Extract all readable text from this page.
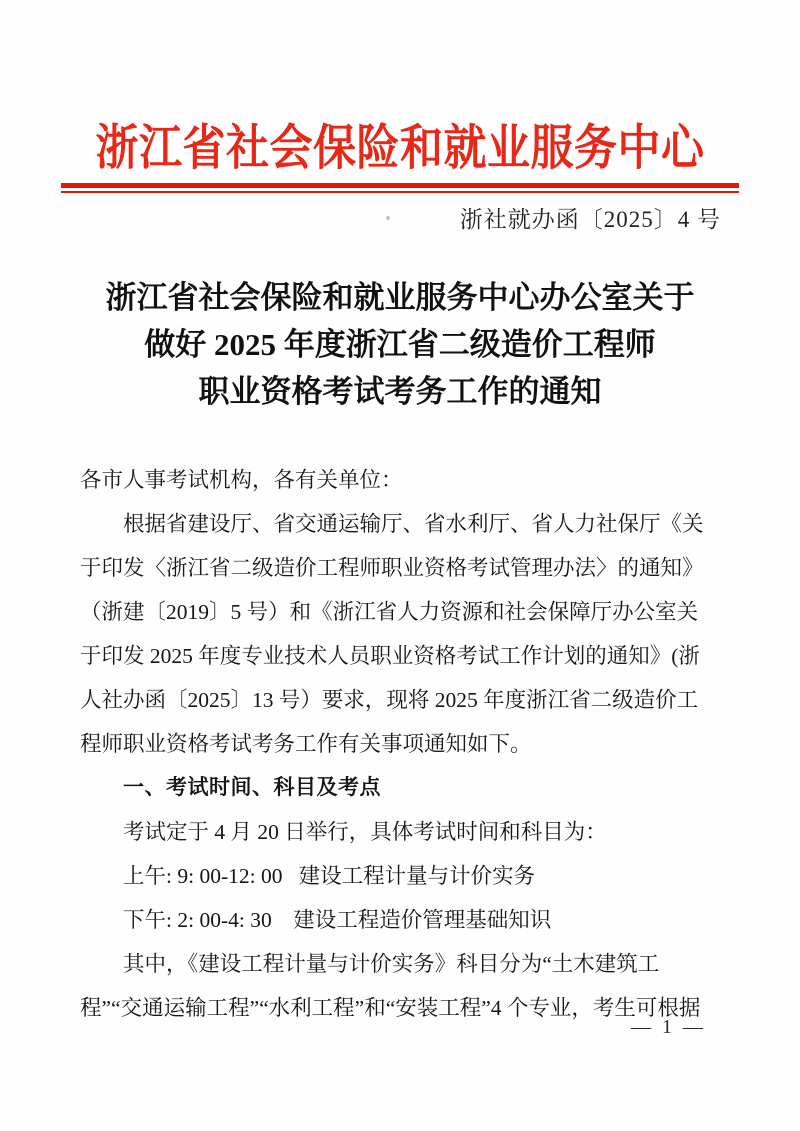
浙江省社会保险和就业服务中心
浙社就办函〔2025〕4 号
浙江省社会保险和就业服务中心办公室关于
做好 2025 年度浙江省二级造价工程师
职业资格考试考务工作的通知
各市人事考试机构，各有关单位：
根据省建设厅、省交通运输厅、省水利厅、省人力社保厅《关
于印发〈浙江省二级造价工程师职业资格考试管理办法〉的通知》
（浙建〔2019〕5 号）和《浙江省人力资源和社会保障厅办公室关
于印发 2025 年度专业技术人员职业资格考试工作计划的通知》(浙
人社办函〔2025〕13 号）要求，现将 2025 年度浙江省二级造价工
程师职业资格考试考务工作有关事项通知如下。
一、考试时间、科目及考点
考试定于 4 月 20 日举行，具体考试时间和科目为：
上午: 9: 00-12: 00   建设工程计量与计价实务
下午: 2: 00-4: 30    建设工程造价管理基础知识
其中，《建设工程计量与计价实务》科目分为“土木建筑工
程”“交通运输工程”“水利工程”和“安装工程”4 个专业，考生可根据
— 1 —
